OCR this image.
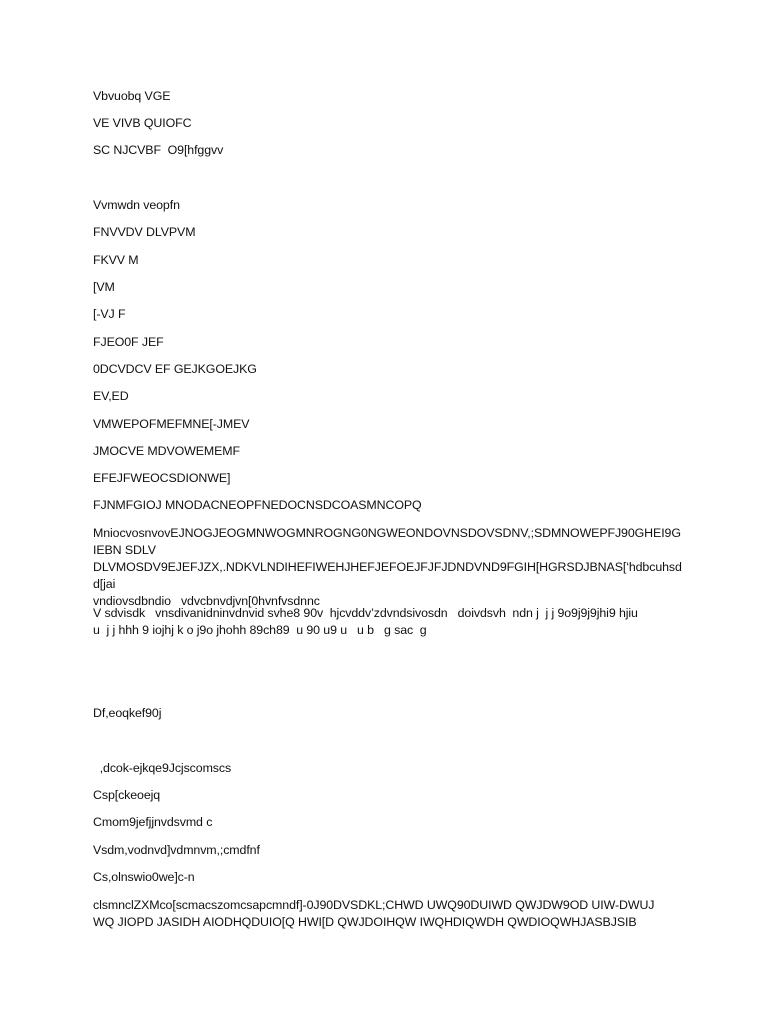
Vbvuobq VGE

VE VIVB QUIOFC

SC NJCVBF  O9[hfggvv

Vvmwdn veopfn

FNVVDV DLVPVM

FKVV M

[VM

[-VJ F

FJEO0F JEF

0DCVDCV EF GEJKGOEJKG

EV,ED

VMWEPOFMEFMNE[-JMEV

JMOCVE MDVOWEMEMF

EFEJFWEOCSDIONWE]

FJNMFGIOJ MNODACNEOPFNEDOCNSDCOASMNCOPQ

MniocvosnvovEJNOGJEOGMNWOGMNROGNG0NGWEONDOVNSDOVSDNV,;SDMNOWEPFJ90GHEI9G
IEBN SDLV
DLVMOSDV9EJEFJZX,.NDKVLNDIHEFIWEHJHEFJEFOEJFJFJDNDVND9FGIH[HGRSDJBNAS[‘hdbcuhsdd[jai
vndiovsdbndio   vdvcbnvdjvn[0hvnfvsdnnc

V sdvisdk   vnsdivanidninvdnvid svhe8 90v  hjcvddv’zdvndsivosdn   doivdsvh  ndn j  j j 9o9j9j9jhi9 hjiu
u  j j hhh 9 iojhj k o j9o jhohh 89ch89  u 90 u9 u   u b   g sac  g

Df,eoqkef90j

,dcok-ejkqe9Jcjscomscs

Csp[ckeoejq

Cmom9jefjjnvdsvmd c

Vsdm,vodnvd]vdmnvm,;cmdfnf

Cs,olnswio0we]c-n

clsmnclZXMco[scmacszomcsapcmndf]-0J90DVSDKL;CHWD UWQ90DUIWD QWJDW9OD UIW-DWUJ
WQ JIOPD JASIDH AIODHQDUIO[Q HWI[D QWJDOIHQW IWQHDIQWDH QWDIOQWHJASBJSIB
